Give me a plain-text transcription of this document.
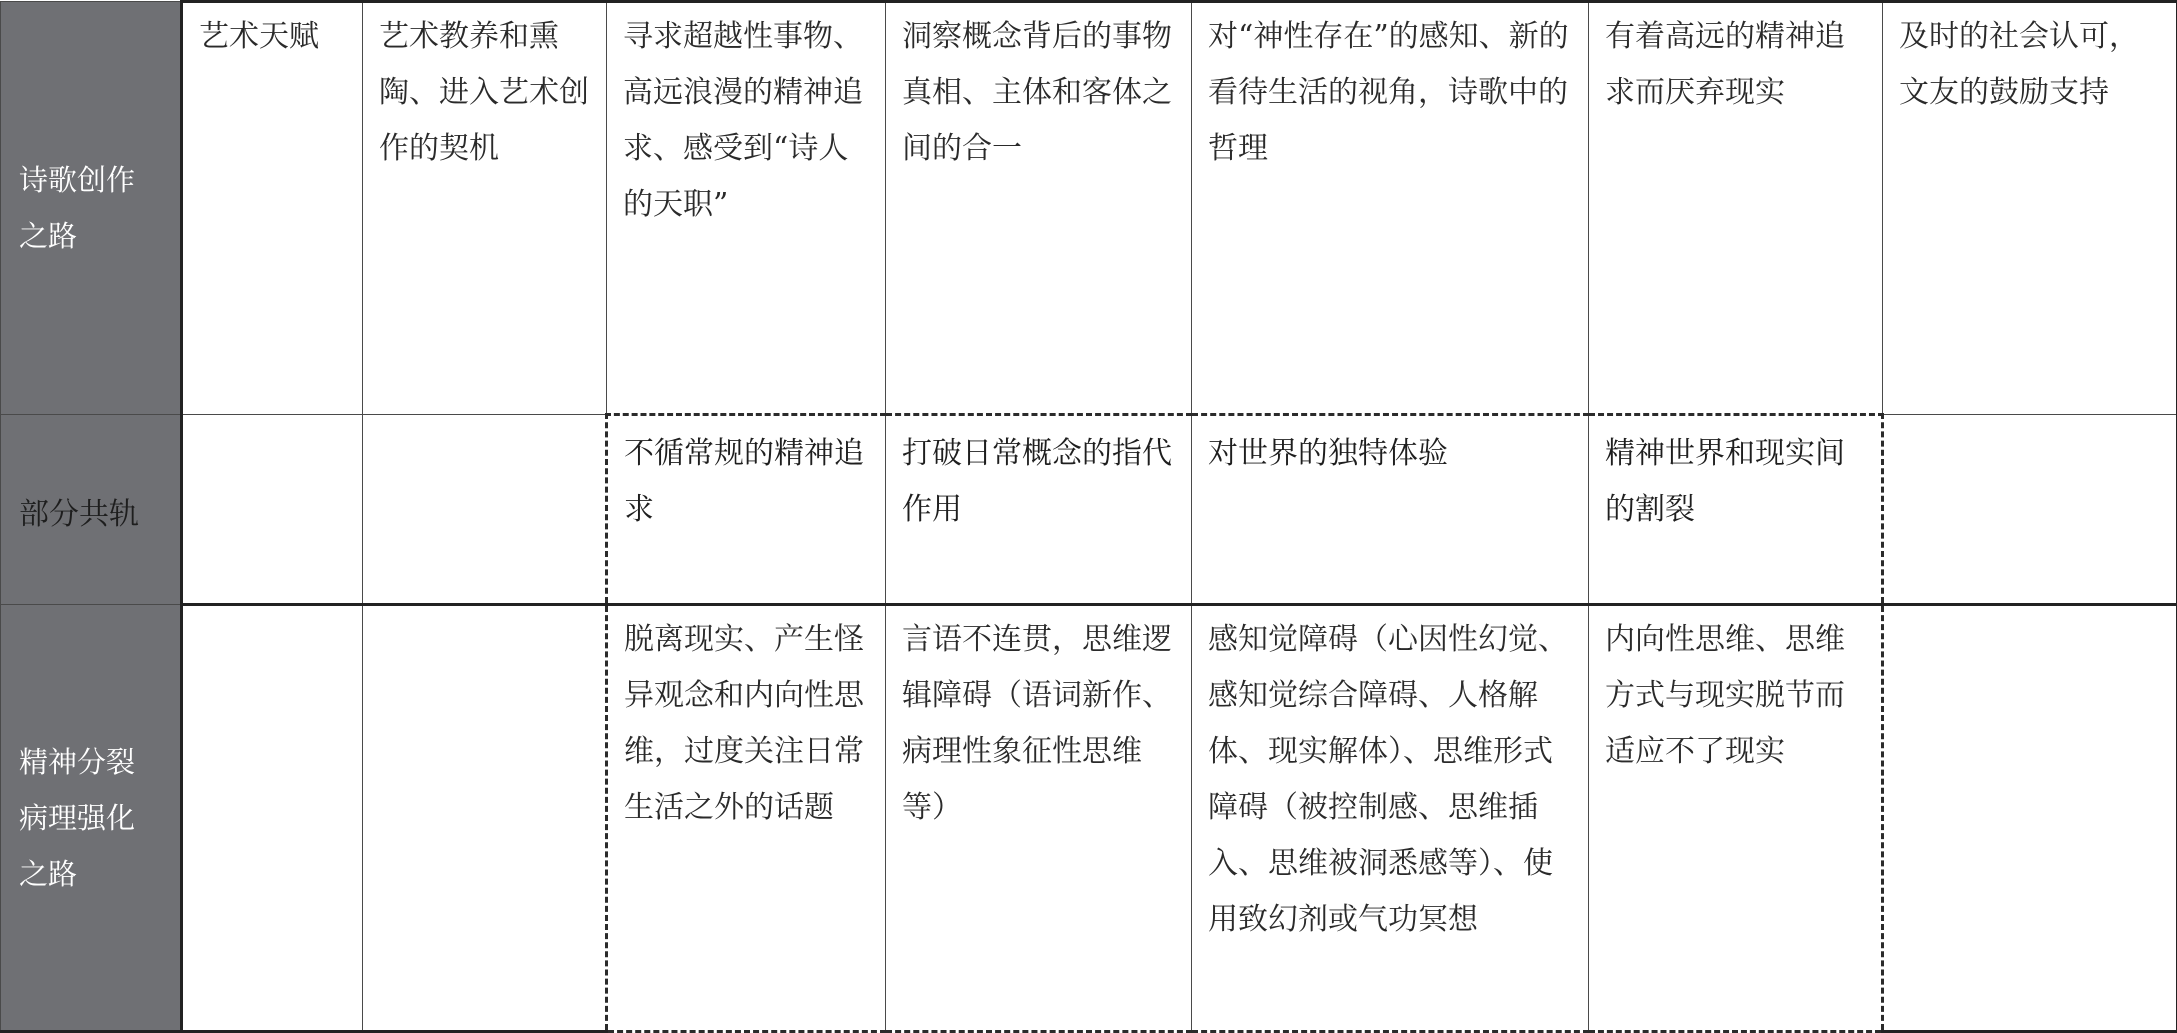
诗歌创作之路	艺术天赋	艺术教养和熏陶、进入艺术创作的契机	寻求超越性事物、高远浪漫的精神追求、感受到“诗人的天职”	洞察概念背后的事物真相、主体和客体之间的合一	对“神性存在”的感知、新的看待生活的视角，诗歌中的哲理	有着高远的精神追求而厌弃现实	及时的社会认可，文友的鼓励支持
部分共轨			不循常规的精神追求	打破日常概念的指代作用	对世界的独特体验	精神世界和现实间的割裂	
精神分裂病理强化之路			脱离现实、产生怪异观念和内向性思维，过度关注日常生活之外的话题	言语不连贯，思维逻辑障碍（语词新作、病理性象征性思维等）	感知觉障碍（心因性幻觉、感知觉综合障碍、人格解体、现实解体）、思维形式障碍（被控制感、思维插入、思维被洞悉感等）、使用致幻剂或气功冥想	内向性思维、思维方式与现实脱节而适应不了现实	
